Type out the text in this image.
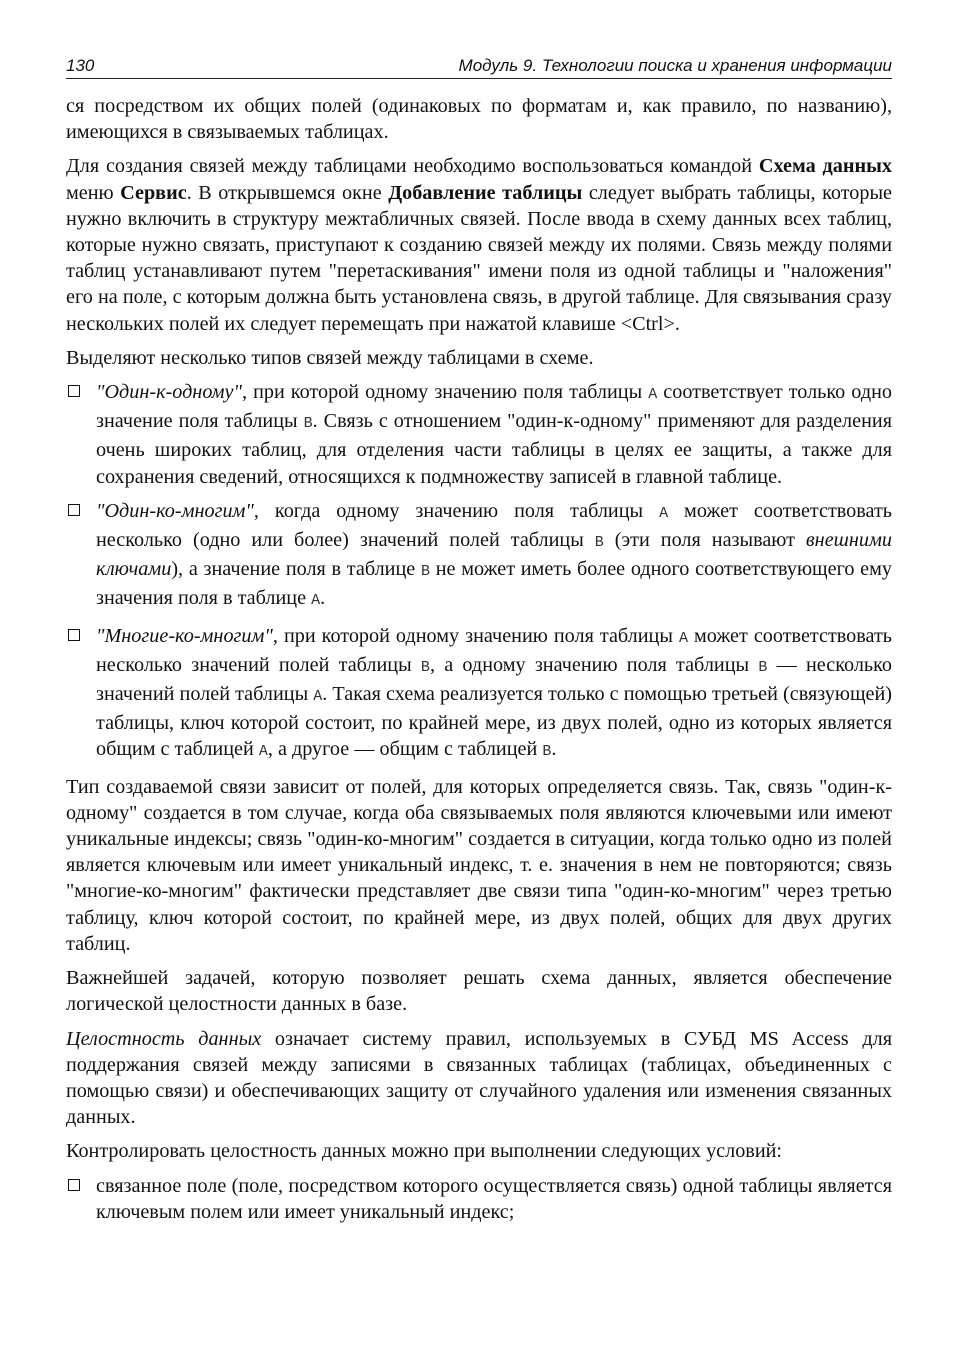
130	Модуль 9. Технологии поиска и хранения информации

ся посредством их общих полей (одинаковых по форматам и, как правило, по названию), имеющихся в связываемых таблицах.

Для создания связей между таблицами необходимо воспользоваться командой Схема данных меню Сервис. В открывшемся окне Добавление таблицы следует выбрать таблицы, которые нужно включить в структуру межтабличных связей. После ввода в схему данных всех таблиц, которые нужно связать, приступают к созданию связей между их полями. Связь между полями таблиц устанавливают путем "перетаскивания" имени поля из одной таблицы и "наложения" его на поле, с которым должна быть установлена связь, в другой таблице. Для связывания сразу нескольких полей их следует перемещать при нажатой клавише <Ctrl>.

Выделяют несколько типов связей между таблицами в схеме.

"Один-к-одному", при которой одному значению поля таблицы A соответствует только одно значение поля таблицы B. Связь с отношением "один-к-одному" применяют для разделения очень широких таблиц, для отделения части таблицы в целях ее защиты, а также для сохранения сведений, относящихся к подмножеству записей в главной таблице.
"Один-ко-многим", когда одному значению поля таблицы A может соответствовать несколько (одно или более) значений полей таблицы B (эти поля называют внешними ключами), а значение поля в таблице B не может иметь более одного соответствующего ему значения поля в таблице A.
"Многие-ко-многим", при которой одному значению поля таблицы A может соответствовать несколько значений полей таблицы B, а одному значению поля таблицы B — несколько значений полей таблицы A. Такая схема реализуется только с помощью третьей (связующей) таблицы, ключ которой состоит, по крайней мере, из двух полей, одно из которых является общим с таблицей A, а другое — общим с таблицей B.

Тип создаваемой связи зависит от полей, для которых определяется связь. Так, связь "один-к-одному" создается в том случае, когда оба связываемых поля являются ключевыми или имеют уникальные индексы; связь "один-ко-многим" создается в ситуации, когда только одно из полей является ключевым или имеет уникальный индекс, т. е. значения в нем не повторяются; связь "многие-ко-многим" фактически представляет две связи типа "один-ко-многим" через третью таблицу, ключ которой состоит, по крайней мере, из двух полей, общих для двух других таблиц.

Важнейшей задачей, которую позволяет решать схема данных, является обеспечение логической целостности данных в базе.

Целостность данных означает систему правил, используемых в СУБД MS Access для поддержания связей между записями в связанных таблицах (таблицах, объединенных с помощью связи) и обеспечивающих защиту от случайного удаления или изменения связанных данных.

Контролировать целостность данных можно при выполнении следующих условий:

связанное поле (поле, посредством которого осуществляется связь) одной таблицы является ключевым полем или имеет уникальный индекс;
